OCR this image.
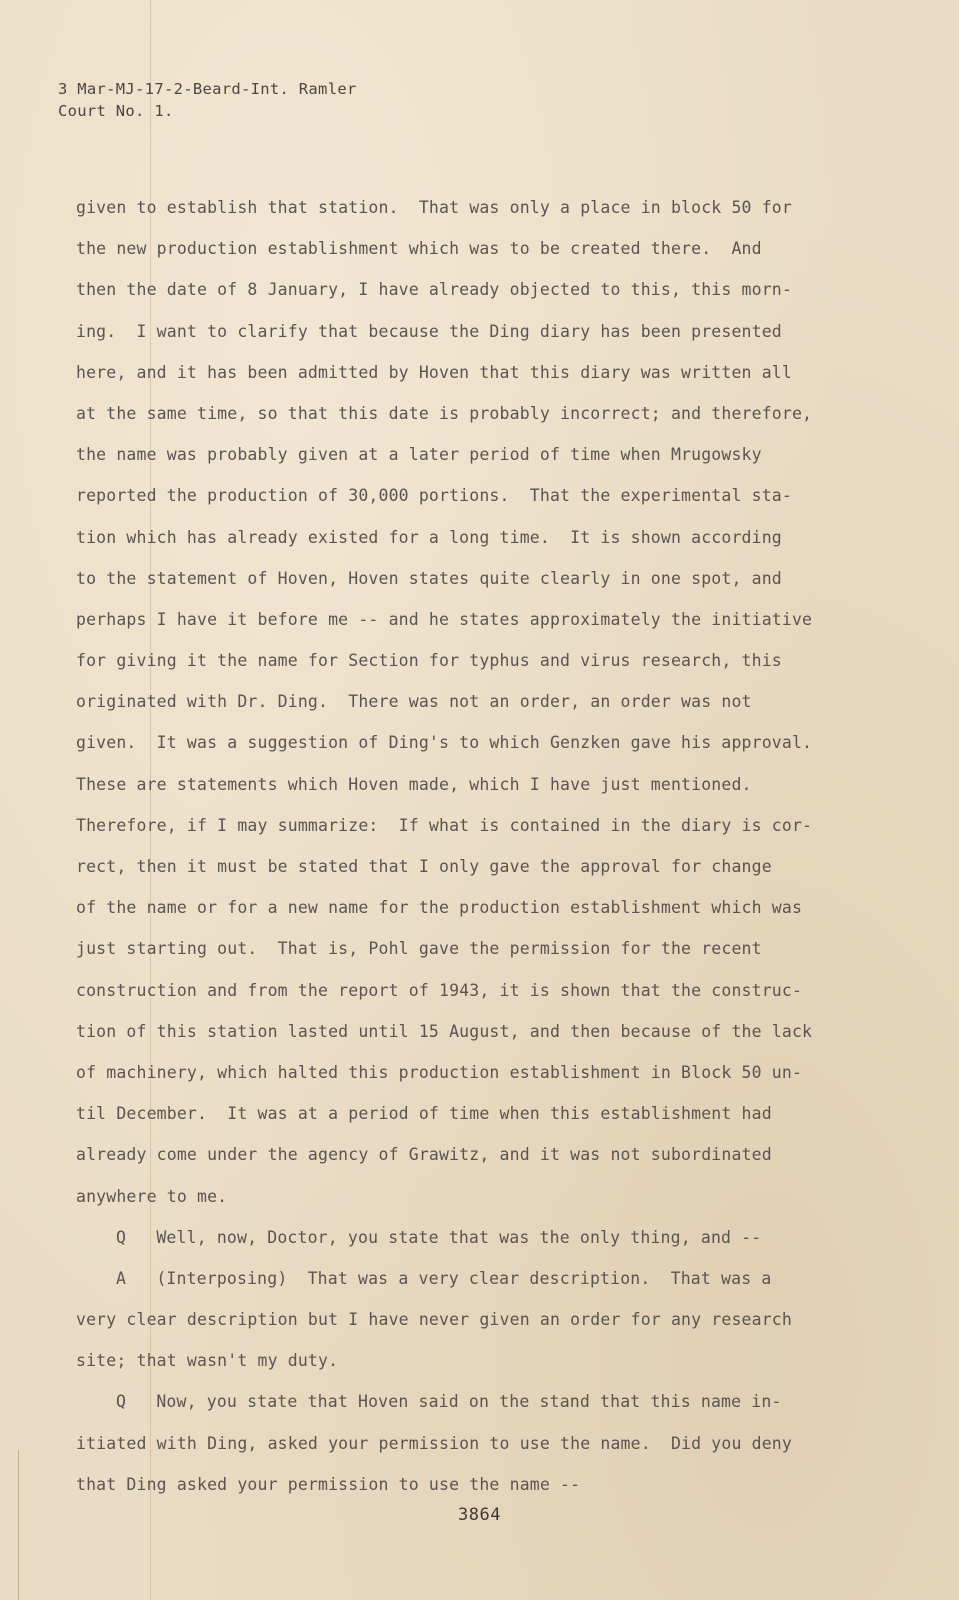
3 Mar-MJ-17-2-Beard-Int. Ramler
Court No. 1.
given to establish that station.  That was only a place in block 50 for
the new production establishment which was to be created there.  And
then the date of 8 January, I have already objected to this, this morn-
ing.  I want to clarify that because the Ding diary has been presented
here, and it has been admitted by Hoven that this diary was written all
at the same time, so that this date is probably incorrect; and therefore,
the name was probably given at a later period of time when Mrugowsky
reported the production of 30,000 portions.  That the experimental sta-
tion which has already existed for a long time.  It is shown according
to the statement of Hoven, Hoven states quite clearly in one spot, and
perhaps I have it before me -- and he states approximately the initiative
for giving it the name for Section for typhus and virus research, this
originated with Dr. Ding.  There was not an order, an order was not
given.  It was a suggestion of Ding's to which Genzken gave his approval.
These are statements which Hoven made, which I have just mentioned.
Therefore, if I may summarize:  If what is contained in the diary is cor-
rect, then it must be stated that I only gave the approval for change
of the name or for a new name for the production establishment which was
just starting out.  That is, Pohl gave the permission for the recent
construction and from the report of 1943, it is shown that the construc-
tion of this station lasted until 15 August, and then because of the lack
of machinery, which halted this production establishment in Block 50 un-
til December.  It was at a period of time when this establishment had
already come under the agency of Grawitz, and it was not subordinated
anywhere to me.
Q   Well, now, Doctor, you state that was the only thing, and --
A   (Interposing)  That was a very clear description.  That was a
very clear description but I have never given an order for any research
site; that wasn't my duty.
Q   Now, you state that Hoven said on the stand that this name in-
itiated with Ding, asked your permission to use the name.  Did you deny
that Ding asked your permission to use the name --
3864
